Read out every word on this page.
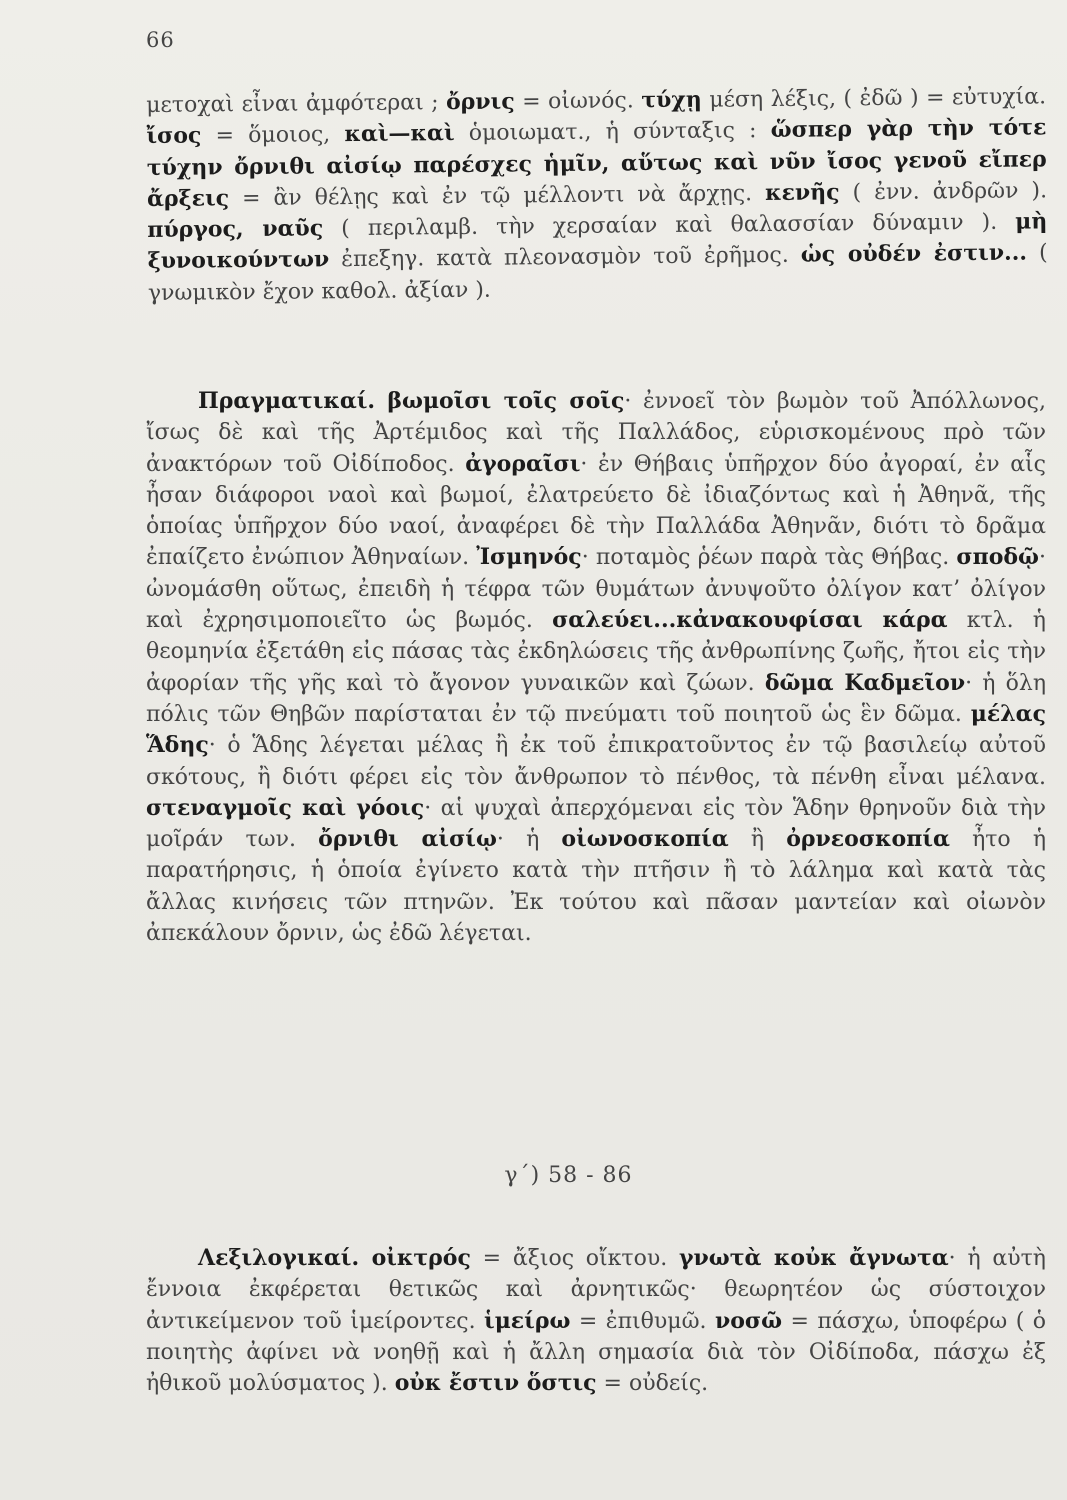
66
μετοχαὶ εἶναι ἀμφότεραι ; ὄρνις = οἰωνός. τύχῃ μέση λέξις, ( ἐδῶ ) = εὐτυχία. ἴσος = ὅμοιος, καὶ—καὶ ὁμοιωματ., ἡ σύνταξις : ὥσπερ γὰρ τὴν τότε τύχην ὄρνιθι αἰσίῳ παρέσχες ἡμῖν, αὕτως καὶ νῦν ἴσος γενοῦ εἴπερ ἄρξεις = ἂν θέλῃς καὶ ἐν τῷ μέλλοντι νὰ ἄρχῃς. κενῆς ( ἐνν. ἀνδρῶν ). πύργος, ναῦς ( περιλαμβ. τὴν χερσαίαν καὶ θαλασσίαν δύναμιν ). μὴ ξυνοικούντων ἐπεξηγ. κατὰ πλεονασμὸν τοῦ ἐρῆμος. ὡς οὐδέν ἐστιν... ( γνωμικὸν ἔχον καθολ. ἀξίαν ).
Πραγματικαί. βωμοῖσι τοῖς σοῖς· ἐννοεῖ τὸν βωμὸν τοῦ Ἀπόλλωνος, ἴσως δὲ καὶ τῆς Ἀρτέμιδος καὶ τῆς Παλλάδος, εὑρισκομένους πρὸ τῶν ἀνακτόρων τοῦ Οἰδίποδος. ἀγοραῖσι· ἐν Θήβαις ὑπῆρχον δύο ἀγοραί, ἐν αἷς ἦσαν διάφοροι ναοὶ καὶ βωμοί, ἐλατρεύετο δὲ ἰδιαζόντως καὶ ἡ Ἀθηνᾶ, τῆς ὁποίας ὑπῆρχον δύο ναοί, ἀναφέρει δὲ τὴν Παλλάδα Ἀθηνᾶν, διότι τὸ δρᾶμα ἐπαίζετο ἐνώπιον Ἀθηναίων. Ἰσμηνός· ποταμὸς ῥέων παρὰ τὰς Θήβας. σποδῷ· ὠνομάσθη οὕτως, ἐπειδὴ ἡ τέφρα τῶν θυμάτων ἀνυψοῦτο ὀλίγον κατ’ ὀλίγον καὶ ἐχρησιμοποιεῖτο ὡς βωμός. σαλεύει...κἀνακουφίσαι κάρα κτλ. ἡ θεομηνία ἐξετάθη εἰς πάσας τὰς ἐκδηλώσεις τῆς ἀνθρωπίνης ζωῆς, ἤτοι εἰς τὴν ἀφορίαν τῆς γῆς καὶ τὸ ἄγονον γυναικῶν καὶ ζώων. δῶμα Καδμεῖον· ἡ ὅλη πόλις τῶν Θηβῶν παρίσταται ἐν τῷ πνεύματι τοῦ ποιητοῦ ὡς ἓν δῶμα. μέλας Ἅδης· ὁ Ἅδης λέγεται μέλας ἢ ἐκ τοῦ ἐπικρατοῦντος ἐν τῷ βασιλείῳ αὐτοῦ σκότους, ἢ διότι φέρει εἰς τὸν ἄνθρωπον τὸ πένθος, τὰ πένθη εἶναι μέλανα. στεναγμοῖς καὶ γόοις· αἱ ψυχαὶ ἀπερχόμεναι εἰς τὸν Ἅδην θρηνοῦν διὰ τὴν μοῖράν των. ὄρνιθι αἰσίῳ· ἡ οἰωνοσκοπία ἢ ὀρνεοσκοπία ἦτο ἡ παρατήρησις, ἡ ὁποία ἐγίνετο κατὰ τὴν πτῆσιν ἢ τὸ λάλημα καὶ κατὰ τὰς ἄλλας κινήσεις τῶν πτηνῶν. Ἐκ τούτου καὶ πᾶσαν μαντείαν καὶ οἰωνὸν ἀπεκάλουν ὄρνιν, ὡς ἐδῶ λέγεται.
γ΄) 58 - 86
Λεξιλογικαί. οἰκτρός = ἄξιος οἴκτου. γνωτὰ κοὐκ ἄγνωτα· ἡ αὐτὴ ἔννοια ἐκφέρεται θετικῶς καὶ ἀρνητικῶς· θεωρητέον ὡς σύστοιχον ἀντικείμενον τοῦ ἱμείροντες. ἱμείρω = ἐπιθυμῶ. νοσῶ = πάσχω, ὑποφέρω ( ὁ ποιητὴς ἀφίνει νὰ νοηθῇ καὶ ἡ ἄλλη σημασία διὰ τὸν Οἰδίποδα, πάσχω ἐξ ἠθικοῦ μολύσματος ). οὐκ ἔστιν ὅστις = οὐδείς.
